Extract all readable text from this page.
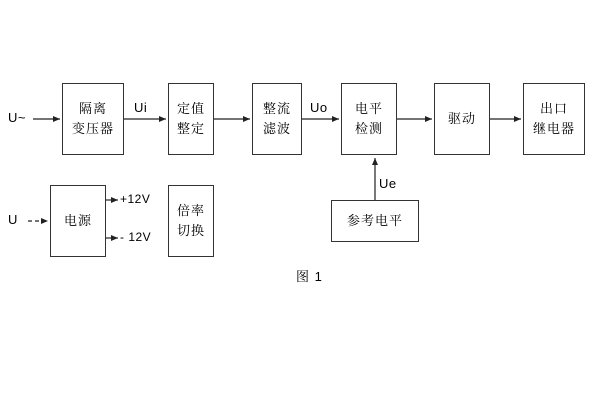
隔离
变压器
定值
整定
整流
滤波
电平
检测
驱动
出口
继电器
电源
倍率
切换
参考电平
U~
Ui	Uo
U
+12V
- 12V
Ue
图 1
